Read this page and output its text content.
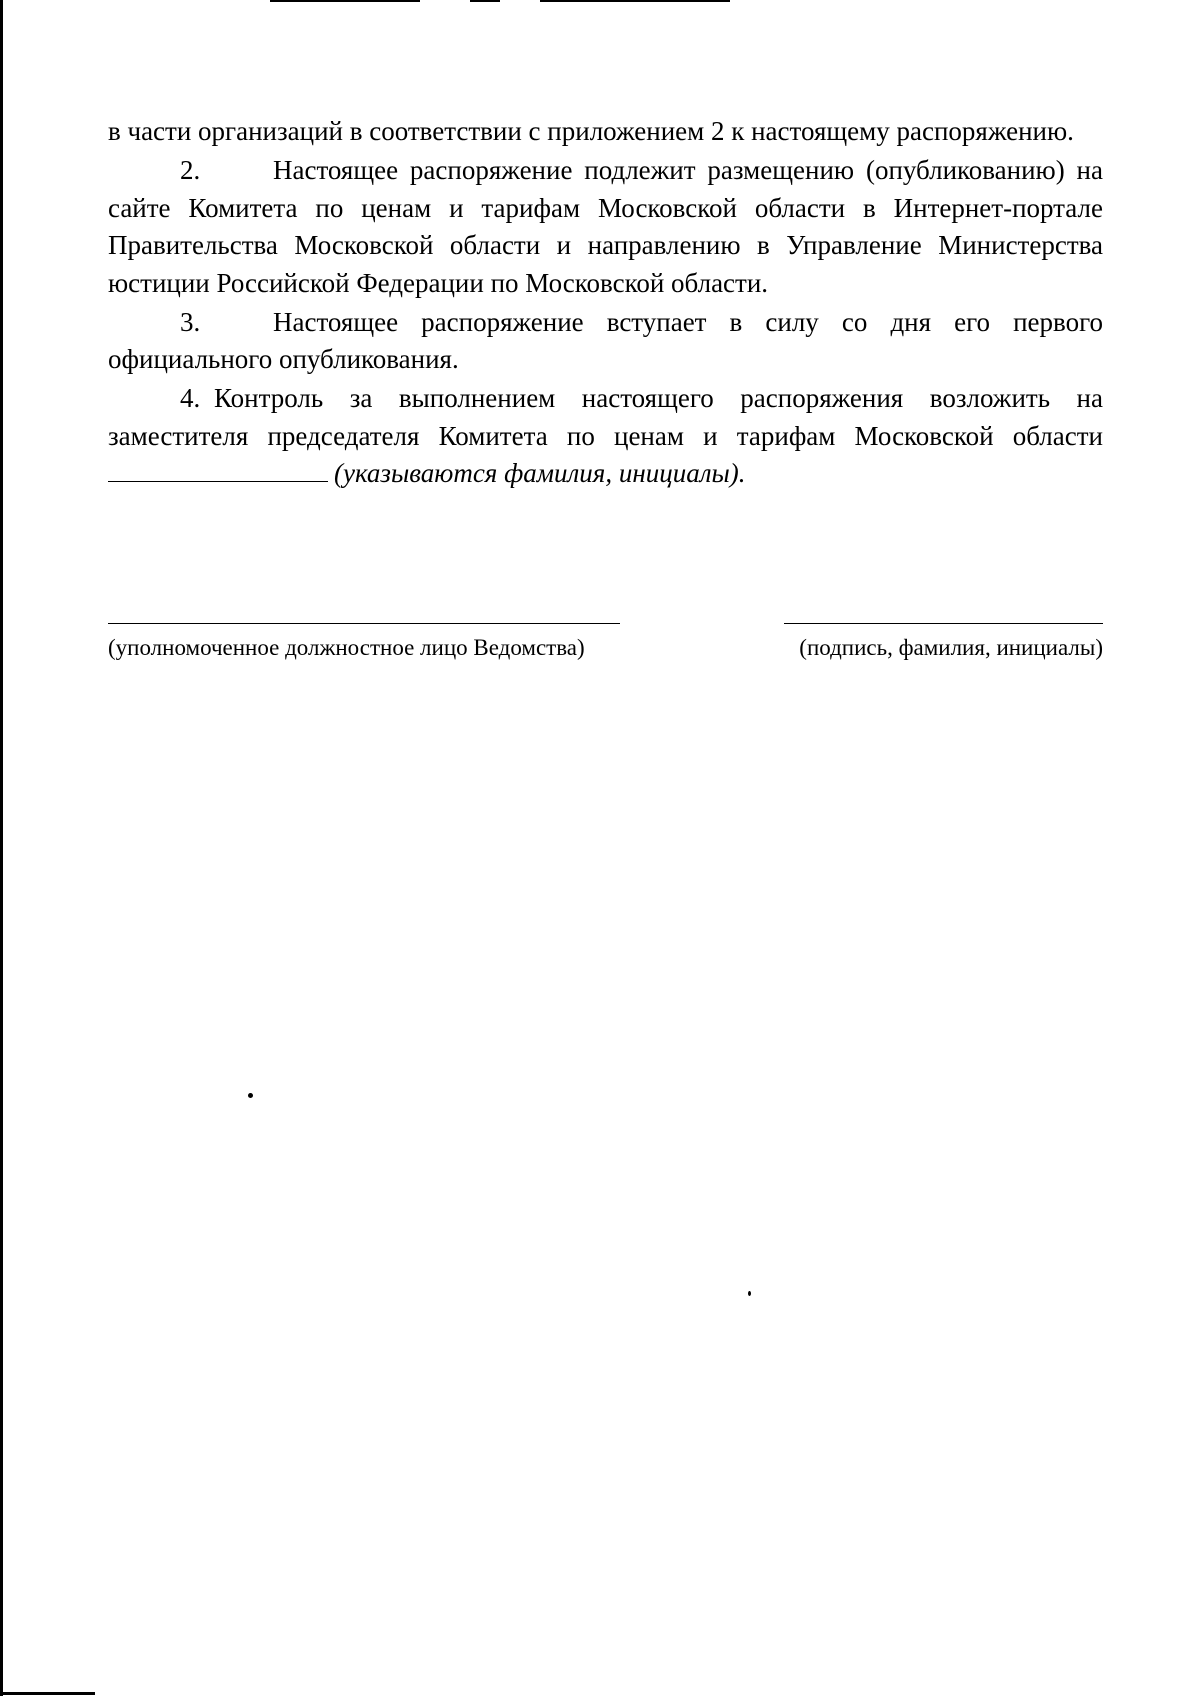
в части организаций в соответствии с приложением 2 к настоящему распоряжению.
2.	Настоящее распоряжение подлежит размещению (опубликованию) на сайте Комитета по ценам и тарифам Московской области в Интернет-портале Правительства Московской области и направлению в Управление Министерства юстиции Российской Федерации по Московской области.
3.	Настоящее распоряжение вступает в силу со дня его первого официального опубликования.
4. Контроль за выполнением настоящего распоряжения возложить на заместителя председателя Комитета по ценам и тарифам Московской области (указываются фамилия, инициалы).
(уполномоченное должностное лицо Ведомства)	(подпись, фамилия, инициалы)
